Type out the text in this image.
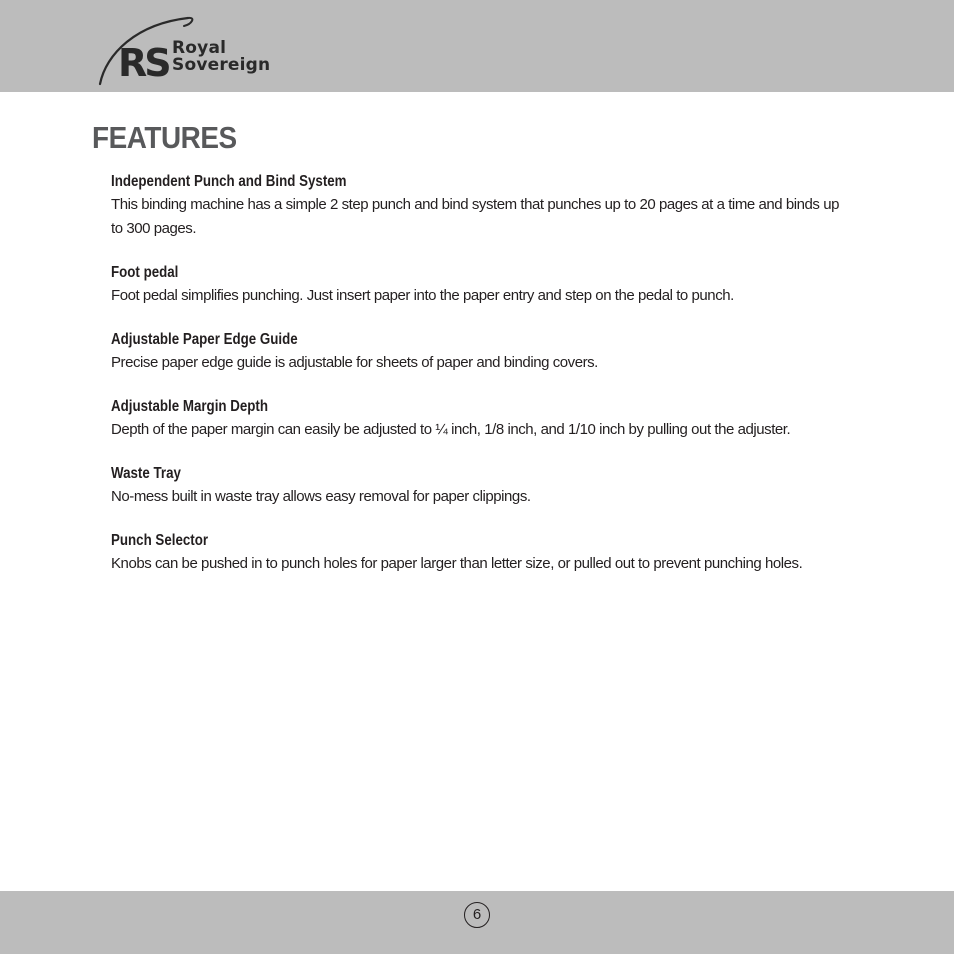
RS Royal
Sovereign
FEATURES
Independent Punch and Bind System
This binding machine has a simple 2 step punch and bind system that punches up to 20 pages at a time and binds up to 300 pages.
Foot pedal
Foot pedal simplifies punching. Just insert paper into the paper entry and step on the pedal to punch.
Adjustable Paper Edge Guide
Precise paper edge guide is adjustable for sheets of paper and binding covers.
Adjustable Margin Depth
Depth of the paper margin can easily be adjusted to ¼ inch, 1/8 inch, and 1/10 inch by pulling out the adjuster.
Waste Tray
No-mess built in waste tray allows easy removal for paper clippings.
Punch Selector
Knobs can be pushed in to punch holes for paper larger than letter size, or pulled out to prevent punching holes.
6
